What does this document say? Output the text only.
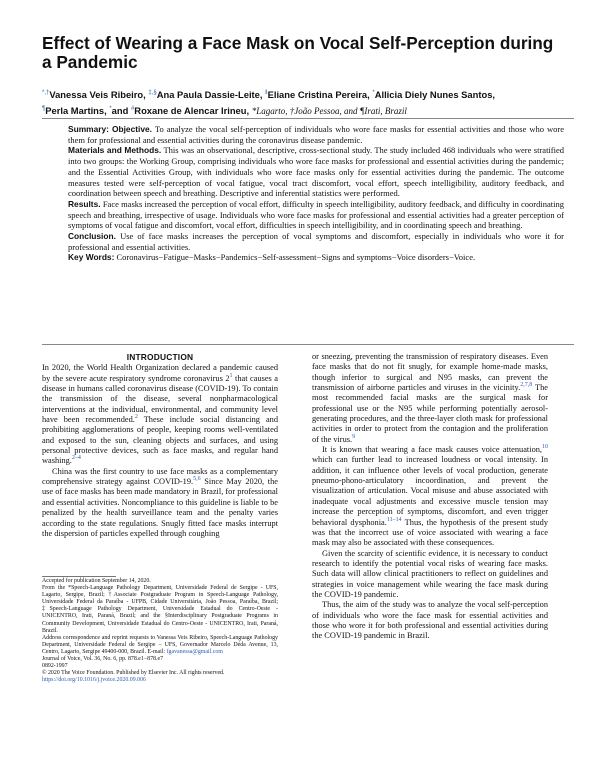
Effect of Wearing a Face Mask on Vocal Self-Perception during a Pandemic
*,†Vanessa Veis Ribeiro, ‡,§Ana Paula Dassie-Leite, ‖Eliane Cristina Pereira, *Allicia Diely Nunes Santos,
¶Perla Martins, *and #Roxane de Alencar Irineu, *Lagarto, †João Pessoa, and ¶Irati, Brazil

Summary: Objective. To analyze the vocal self-perception of individuals who wore face masks for essential activities and those who wore them for professional and essential activities during the coronavirus disease pandemic.

Materials and Methods. This was an observational, descriptive, cross-sectional study. The study included 468 individuals who were stratified into two groups: the Working Group, comprising individuals who wore face masks for professional and essential activities during the pandemic; and the Essential Activities Group, with individuals who wore face masks only for essential activities during the pandemic. The outcome measures tested were self-perception of vocal fatigue, vocal tract discomfort, vocal effort, speech intelligibility, auditory feedback, and coordination between speech and breathing. Descriptive and inferential statistics were performed.

Results. Face masks increased the perception of vocal effort, difficulty in speech intelligibility, auditory feedback, and difficulty in coordinating speech and breathing, irrespective of usage. Individuals who wore face masks for professional and essential activities had a greater perception of symptoms of vocal fatigue and discomfort, vocal effort, difficulties in speech intelligibility, and in coordinating speech and breathing.

Conclusion. Use of face masks increases the perception of vocal symptoms and discomfort, especially in individuals who wore it for professional and essential activities.

Key Words: Coronavirus−Fatigue−Masks−Pandemics−Self-assessment−Signs and symptoms−Voice disorders−Voice.

INTRODUCTION

In 2020, the World Health Organization declared a pandemic caused by the severe acute respiratory syndrome coronavirus 2$^1$ that causes a disease in humans called coronavirus disease (COVID-19). To contain the transmission of the disease, several nonpharmacological interventions at the individual, environmental, and community level have been recommended.$^2$ These include social distancing and prohibiting agglomerations of people, keeping rooms well-ventilated and exposed to the sun, cleaning objects and surfaces, and using personal protective devices, such as face masks, and regular hand washing.$^{2-4}$

China was the first country to use face masks as a complementary comprehensive strategy against COVID-19.$^{5,6}$ Since May 2020, the use of face masks has been made mandatory in Brazil, for professional and essential activities. Noncompliance to this guideline is liable to be penalized by the health surveillance team and the penalty varies according to the state regulations. Snugly fitted face masks interrupt the dispersion of particles expelled through coughing

or sneezing, preventing the transmission of respiratory diseases. Even face masks that do not fit snugly, for example home-made masks, though inferior to surgical and N95 masks, can prevent the transmission of airborne particles and viruses in the vicinity.$^{2,7,8}$ The most recommended facial masks are the surgical mask for professional use or the N95 while performing potentially aerosol-generating procedures, and the three-layer cloth mask for professional activities in order to protect from the contagion and the proliferation of the virus.$^9$

It is known that wearing a face mask causes voice attenuation,$^{10}$ which can further lead to increased loudness or vocal intensity. In addition, it can influence other levels of vocal production, generate pneumo-phono-articulatory incoordination, and prevent the visualization of articulation. Vocal misuse and abuse associated with inadequate vocal adjustments and excessive muscle tension may increase the perception of symptoms, discomfort, and even trigger behavioral dysphonia.$^{11-14}$ Thus, the hypothesis of the present study was that the incorrect use of voice associated with wearing a face mask may also be associated with these consequences.

Given the scarcity of scientific evidence, it is necessary to conduct research to identify the potential vocal risks of wearing face masks. Such data will allow clinical practitioners to reflect on guidelines and strategies in voice management while wearing the face mask during the COVID-19 pandemic.

Thus, the aim of the study was to analyze the vocal self-perception of individuals who wore the face mask for essential activities and those who wore it for both professional and essential activities during the COVID-19 pandemic in Brazil.

Accepted for publication September 14, 2020.

From the *Speech-Language Pathology Department, Universidade Federal de Sergipe - UFS, Lagarto, Sergipe, Brazil; †Associate Postgraduate Program in Speech-Language Pathology, Universidade Federal da Paraíba - UFPB, Cidade Universitária, João Pessoa, Paraíba, Brazil; ‡Speech-Language Pathology Department, Universidade Estadual do Centro-Oeste - UNICENTRO, Irati, Paraná, Brazil; and the §Interdisciplinary Postgraduate Programs in Community Development, Universidade Estadual do Centro-Oeste - UNICENTRO, Irati, Paraná, Brazil.

Address correspondence and reprint requests to Vanessa Veis Ribeiro, Speech-Language Pathology Department, Universidade Federal de Sergipe − UFS, Governador Marcelo Déda Avenue, 13, Centro, Lagarto, Sergipe 49400-000, Brazil. E-mail: fgavanessa@gmail.com

Journal of Voice, Vol. 36, No. 6, pp. 878.e1−878.e7

0892-1997

© 2020 The Voice Foundation. Published by Elsevier Inc. All rights reserved.

https://doi.org/10.1016/j.jvoice.2020.09.006
